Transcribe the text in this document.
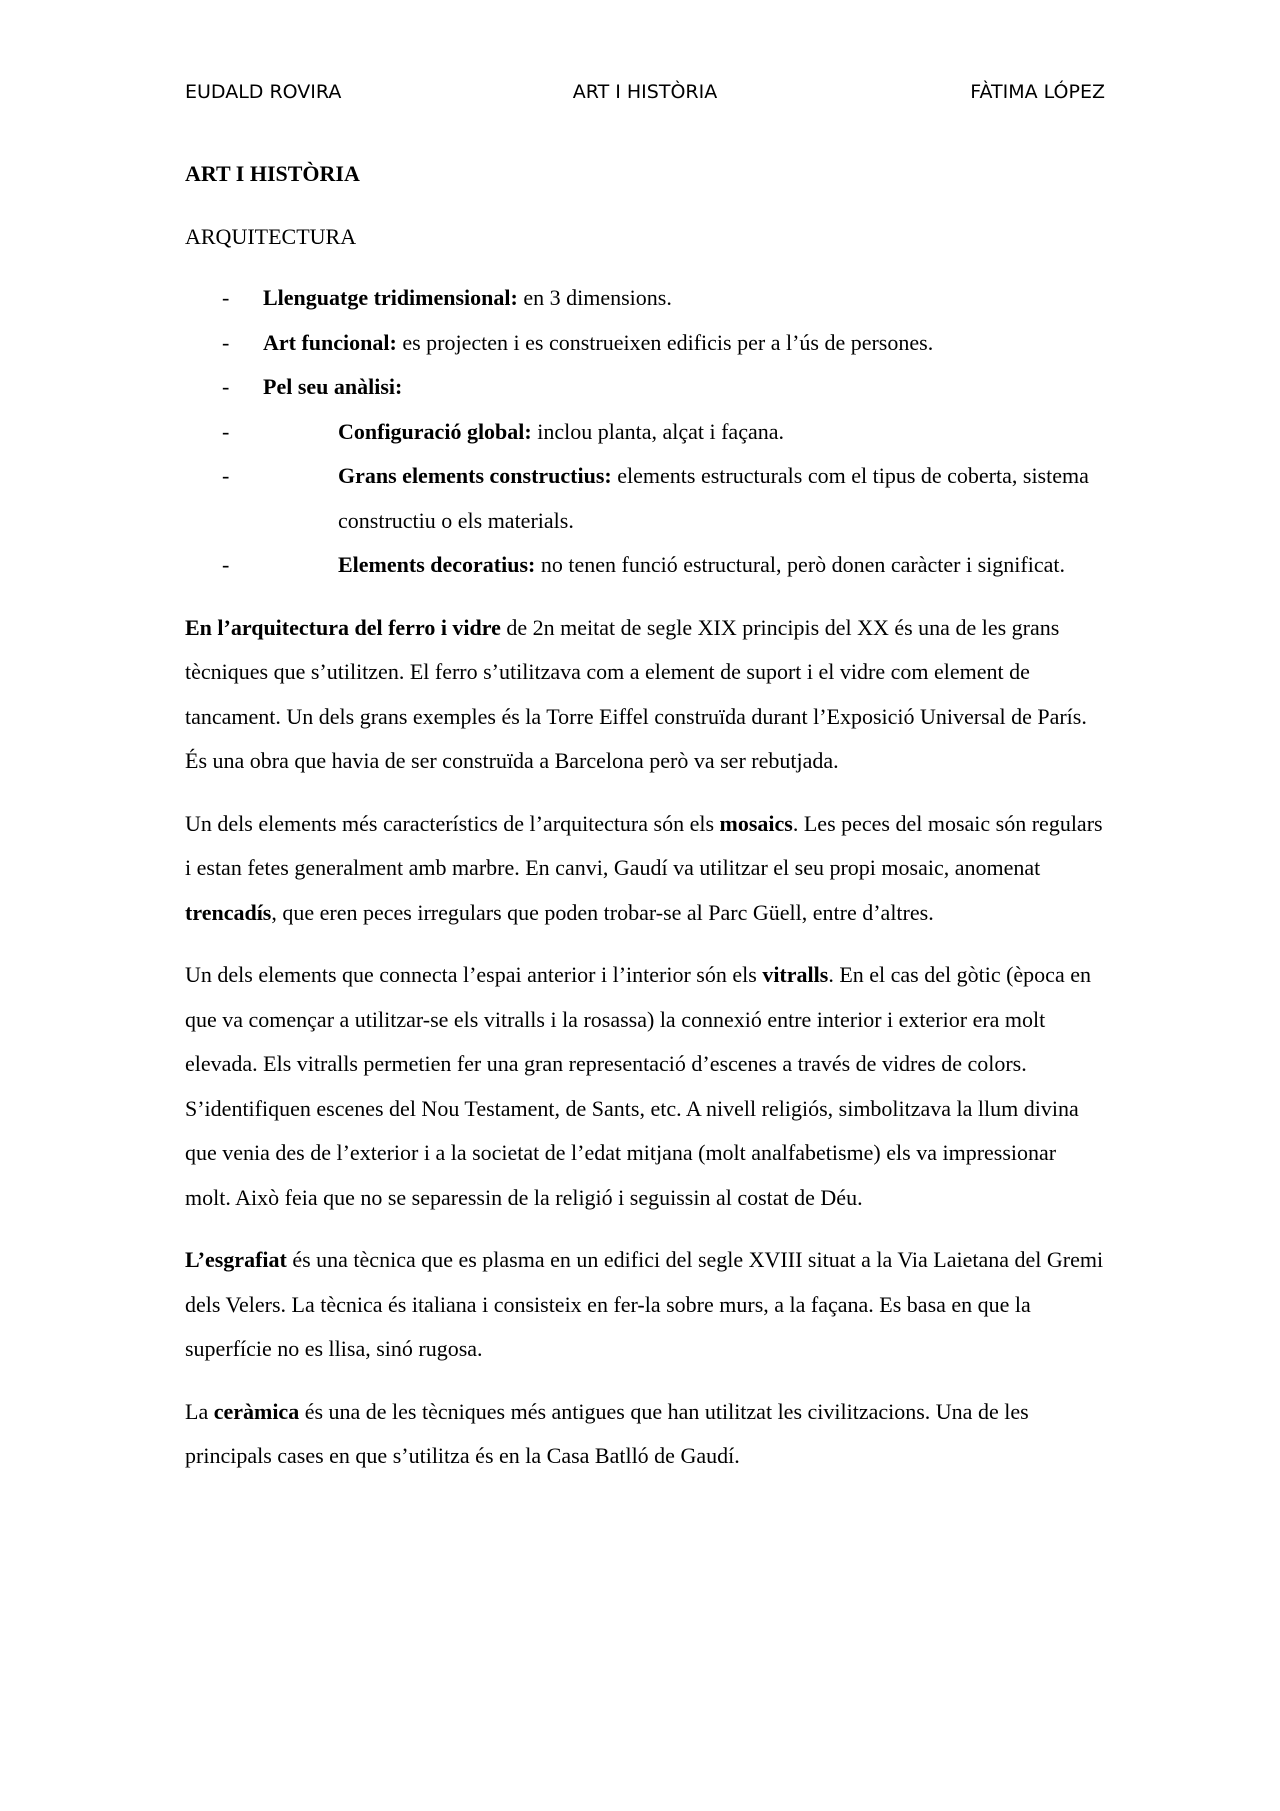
EUDALD ROVIRA	ART I HISTÒRIA	FÀTIMA LÓPEZ
ART I HISTÒRIA
ARQUITECTURA
- Llenguatge tridimensional: en 3 dimensions.
- Art funcional: es projecten i es construeixen edificis per a l’ús de persones.
- Pel seu anàlisi:
-	Configuració global: inclou planta, alçat i façana.
-	Grans elements constructius: elements estructurals com el tipus de coberta, sistema constructiu o els materials.
-	Elements decoratius: no tenen funció estructural, però donen caràcter i significat.

En l’arquitectura del ferro i vidre de 2n meitat de segle XIX principis del XX és una de les grans tècniques que s’utilitzen. El ferro s’utilitzava com a element de suport i el vidre com element de tancament. Un dels grans exemples és la Torre Eiffel construïda durant l’Exposició Universal de París. És una obra que havia de ser construïda a Barcelona però va ser rebutjada.

Un dels elements més característics de l’arquitectura són els mosaics. Les peces del mosaic són regulars i estan fetes generalment amb marbre. En canvi, Gaudí va utilitzar el seu propi mosaic, anomenat trencadís, que eren peces irregulars que poden trobar-se al Parc Güell, entre d’altres.

Un dels elements que connecta l’espai anterior i l’interior són els vitralls. En el cas del gòtic (època en que va començar a utilitzar-se els vitralls i la rosassa) la connexió entre interior i exterior era molt elevada. Els vitralls permetien fer una gran representació d’escenes a través de vidres de colors. S’identifiquen escenes del Nou Testament, de Sants, etc. A nivell religiós, simbolitzava la llum divina que venia des de l’exterior i a la societat de l’edat mitjana (molt analfabetisme) els va impressionar molt. Això feia que no se separessin de la religió i seguissin al costat de Déu.

L’esgrafiat és una tècnica que es plasma en un edifici del segle XVIII situat a la Via Laietana del Gremi dels Velers. La tècnica és italiana i consisteix en fer-la sobre murs, a la façana. Es basa en que la superfície no es llisa, sinó rugosa.

La ceràmica és una de les tècniques més antigues que han utilitzat les civilitzacions. Una de les principals cases en que s’utilitza és en la Casa Batlló de Gaudí.
